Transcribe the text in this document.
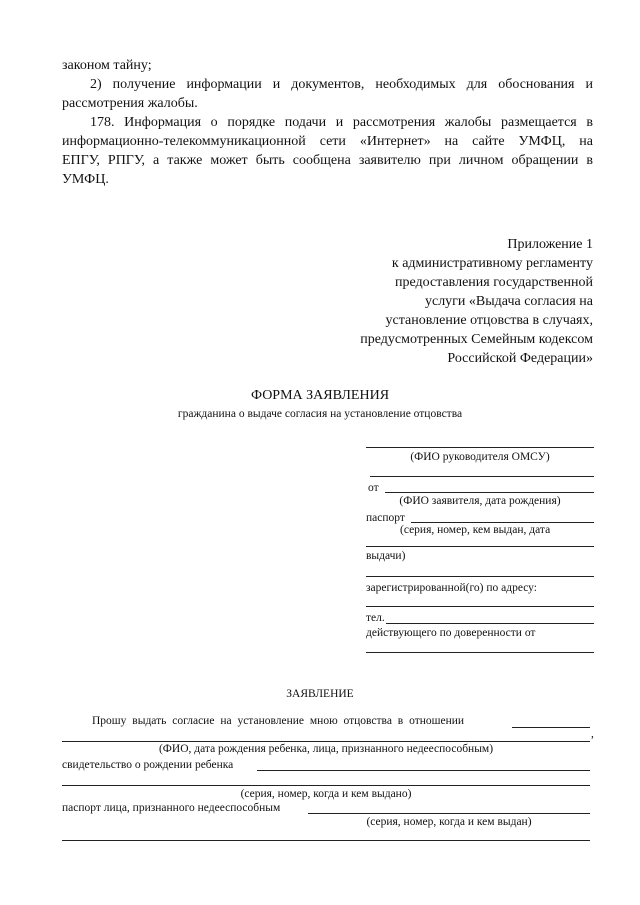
законом тайну;
2) получение информации и документов, необходимых для обоснования и
рассмотрения жалобы.
178. Информация о порядке подачи и рассмотрения жалобы размещается в
информационно-телекоммуникационной сети «Интернет» на сайте УМФЦ, на
ЕПГУ, РПГУ, а также может быть сообщена заявителю при личном обращении в
УМФЦ.
Приложение 1
к административному регламенту
предоставления государственной
услуги «Выдача согласия на
установление отцовства в случаях,
предусмотренных Семейным кодексом
Российской Федерации»
ФОРМА ЗАЯВЛЕНИЯ
гражданина о выдаче согласия на установление отцовства
(ФИО руководителя ОМСУ)
от
(ФИО заявителя, дата рождения)
паспорт
(серия, номер, кем выдан, дата
выдачи)
зарегистрированной(го) по адресу:
тел.
действующего по доверенности от
ЗАЯВЛЕНИЕ
Прошу выдать согласие на установление мною отцовства в отношении
,
(ФИО, дата рождения ребенка, лица, признанного недееспособным)
свидетельство о рождении ребенка
(серия, номер, когда и кем выдано)
паспорт лица, признанного недееспособным
(серия, номер, когда и кем выдан)
